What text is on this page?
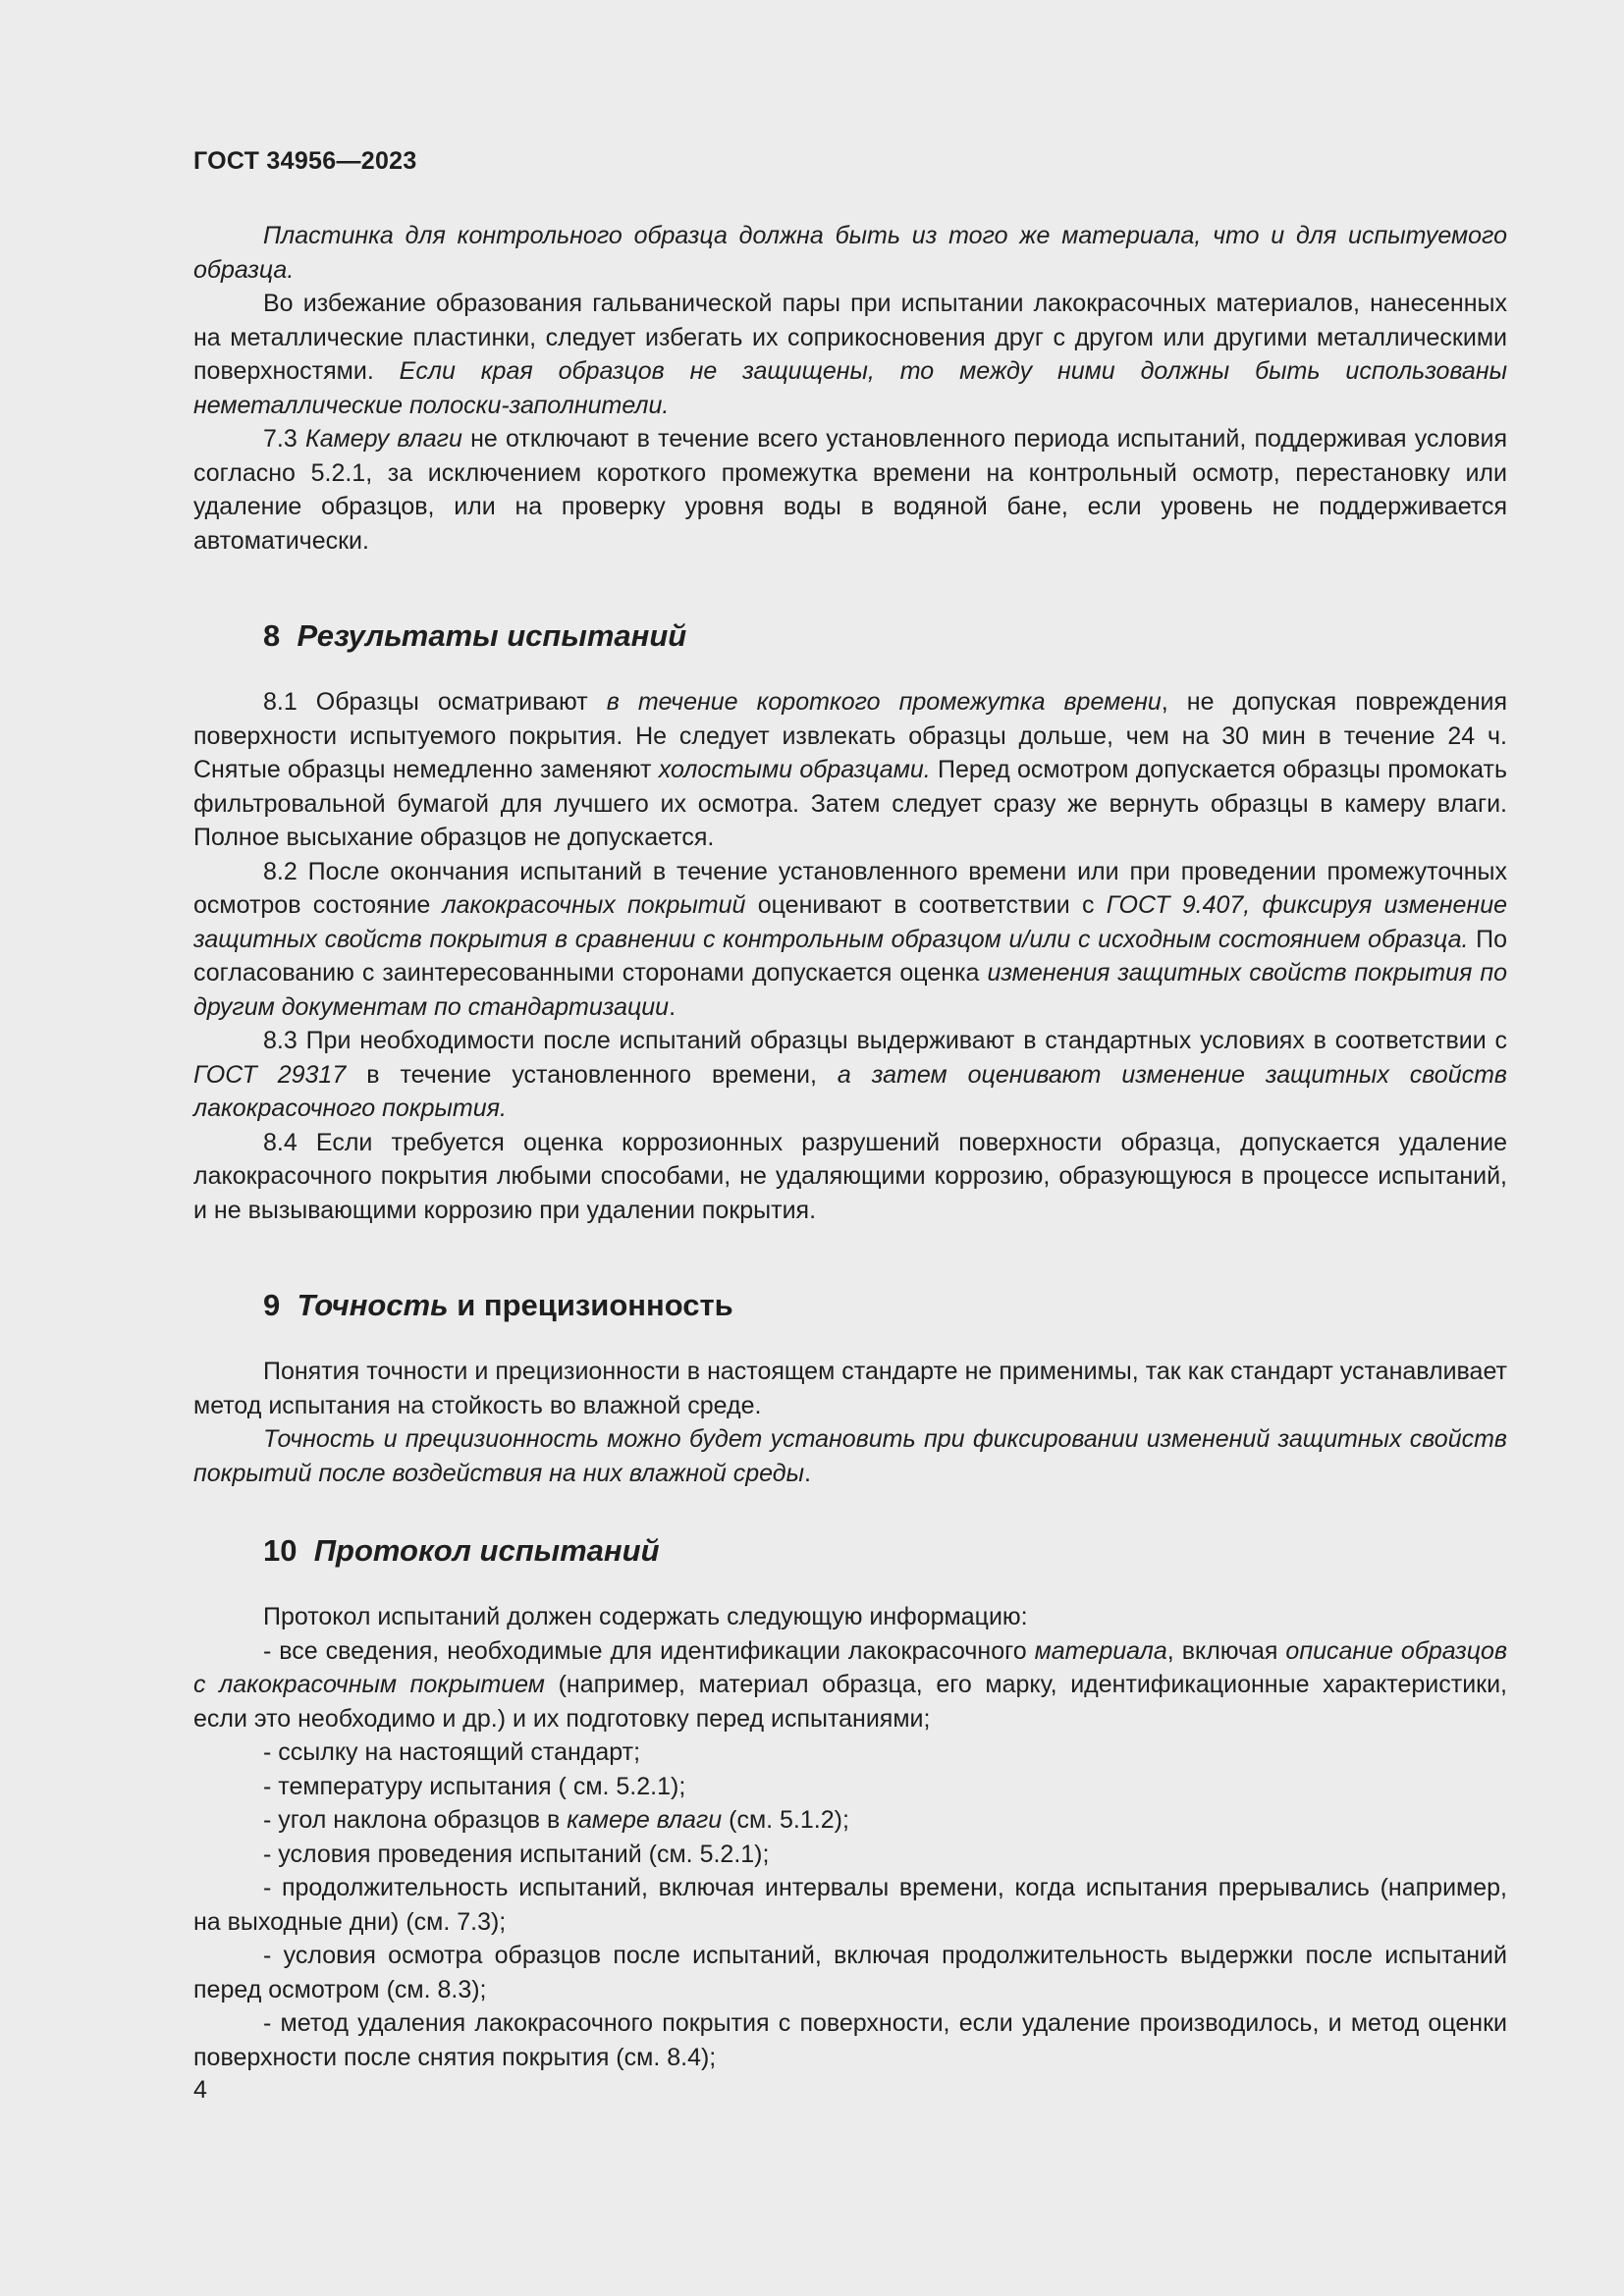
ГОСТ 34956—2023

Пластинка для контрольного образца должна быть из того же материала, что и для испытуемого образца.

Во избежание образования гальванической пары при испытании лакокрасочных материалов, нанесенных на металлические пластинки, следует избегать их соприкосновения друг с другом или другими металлическими поверхностями. Если края образцов не защищены, то между ними должны быть использованы неметаллические полоски-заполнители.

7.3 Камеру влаги не отключают в течение всего установленного периода испытаний, поддерживая условия согласно 5.2.1, за исключением короткого промежутка времени на контрольный осмотр, перестановку или удаление образцов, или на проверку уровня воды в водяной бане, если уровень не поддерживается автоматически.

8 Результаты испытаний

8.1 Образцы осматривают в течение короткого промежутка времени, не допуская повреждения поверхности испытуемого покрытия. Не следует извлекать образцы дольше, чем на 30 мин в течение 24 ч. Снятые образцы немедленно заменяют холостыми образцами. Перед осмотром допускается образцы промокать фильтровальной бумагой для лучшего их осмотра. Затем следует сразу же вернуть образцы в камеру влаги. Полное высыхание образцов не допускается.

8.2 После окончания испытаний в течение установленного времени или при проведении промежуточных осмотров состояние лакокрасочных покрытий оценивают в соответствии с ГОСТ 9.407, фиксируя изменение защитных свойств покрытия в сравнении с контрольным образцом и/или с исходным состоянием образца. По согласованию с заинтересованными сторонами допускается оценка изменения защитных свойств покрытия по другим документам по стандартизации.

8.3 При необходимости после испытаний образцы выдерживают в стандартных условиях в соответствии с ГОСТ 29317 в течение установленного времени, а затем оценивают изменение защитных свойств лакокрасочного покрытия.

8.4 Если требуется оценка коррозионных разрушений поверхности образца, допускается удаление лакокрасочного покрытия любыми способами, не удаляющими коррозию, образующуюся в процессе испытаний, и не вызывающими коррозию при удалении покрытия.

9 Точность и прецизионность

Понятия точности и прецизионности в настоящем стандарте не применимы, так как стандарт устанавливает метод испытания на стойкость во влажной среде.

Точность и прецизионность можно будет установить при фиксировании изменений защитных свойств покрытий после воздействия на них влажной среды.

10 Протокол испытаний

Протокол испытаний должен содержать следующую информацию:

- все сведения, необходимые для идентификации лакокрасочного материала, включая описание образцов с лакокрасочным покрытием (например, материал образца, его марку, идентификационные характеристики, если это необходимо и др.) и их подготовку перед испытаниями;

- ссылку на настоящий стандарт;

- температуру испытания ( см. 5.2.1);

- угол наклона образцов в камере влаги (см. 5.1.2);

- условия проведения испытаний (см. 5.2.1);

- продолжительность испытаний, включая интервалы времени, когда испытания прерывались (например, на выходные дни) (см. 7.3);

- условия осмотра образцов после испытаний, включая продолжительность выдержки после испытаний перед осмотром (см. 8.3);

- метод удаления лакокрасочного покрытия с поверхности, если удаление производилось, и метод оценки поверхности после снятия покрытия (см. 8.4);

4
